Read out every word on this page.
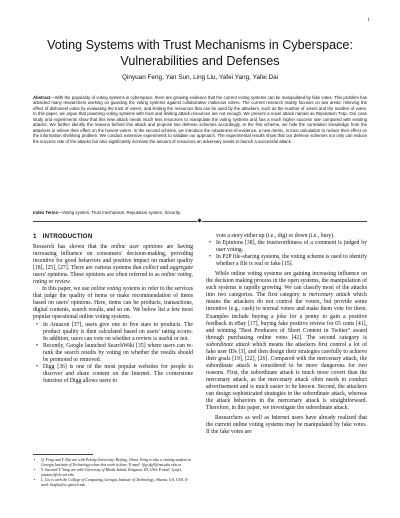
1
Voting Systems with Trust Mechanisms in Cyberspace: Vulnerabilities and Defenses
Qinyuan Feng, Yan Sun, Ling Liu, Yafei Yang, Yafei Dai
Abstract—With the popularity of voting systems in cyberspace, there are growing evidence that the current voting systems can be manipulated by fake votes. This problem has attracted many researchers working on guarding the voting systems against collaborative malicious voters. The current research mainly focuses on two areas: relieving the effect of dishonest votes by evaluating the trust of voters, and limiting the resources that can be used by the attackers, such as the number of voters and the number of votes. In this paper, we argue that powering voting systems with trust and limiting attack resources are not enough. We present a novel attack named as Reputation Trap. Our case study and experiments show that this new attack needs much less resources to manipulate the voting systems and has a much higher success rate compared with existing attacks. We further identify the reasons behind this attack and propose two defense schemes accordingly. In the first scheme, we hide the correlation knowledge from the attackers to relieve their effect on the honest voters. In the second scheme, we introduce the robustness-of-evidence, a new metric, in trust calculation to reduce their effect on the information shrinking problem. We conduct extensive experiments to validate our approach. The experimental results show that our defense schemes not only can reduce the success rate of the attacks but also significantly increase the amount of resources an adversary needs to launch a successful attack.
Index Terms—Voting system, Trust mechanism, Reputation system, Security.
1 INTRODUCTION

Research has shown that the online user opinions are having increasing influence on consumers' decision-making, providing incentive for good behaviors and positive impact on market quality [18], [25], [27]. There are various systems that collect and aggregate users' opinions. These opinions are often referred to as online voting, rating or review.

In this paper, we use online voting systems to refer to the services that judge the quality of items or make recommendation of items based on users' opinions. Here, items can be products, transactions, digital contents, search results, and so on. We below list a few most popular operational online voting systems.

• In Amazon [37], users give one to five stars to products. The product quality is then calculated based on users' rating scores. In addition, users can vote on whether a review is useful or not.
• Recently, Google launched SearchWiki [35] where users can re-rank the search results by voting on whether the results should be promoted or removed.
• Digg [36] is one of the most popular websites for people to discover and share content on the Internet. The cornerstone function of Digg allows users to

vote a story either up (i.e., dig) or down (i.e., bury).

• In Epinions [38], the trustworthiness of a comment is judged by user voting.
• In P2P file-sharing systems, the voting scheme is used to identify whether a file is real or fake [15].

While online voting systems are gaining increasing influence on the decision making process in the open systems, the manipulation of such systems is rapidly growing. We can classify most of the attacks into two categories. The first category is mercenary attack which means the attackers do not control the voters, but provide some incentive (e.g., cash) to normal voters and make them vote for them. Examples include buying a joke for a penny to gain a positive feedback in eBay [17], buying fake positive review for 65 cents [41], and winning "Best Producers of Short Content in Twitter" award through purchasing online votes [42]. The second category is subordinate attack which means the attackers first control a lot of fake user IDs [3], and then design their strategies carefully to achieve their goals [19], [22], [26]. Compared with the mercenary attack, the subordinate attack is considered to be more dangerous for two reasons. First, the subordinate attack is much more covert than the mercenary attack, as the mercenary attack often needs to conduct advertisement and is much easier to be known. Second, the attackers can design sophisticated strategies in the subordinate attack, whereas the attack behaviors in the mercenary attack is straightforward. Therefore, in this paper, we investigate the subordinate attack.

Researchers as well as Internet users have already realized that the current online voting systems may be manipulated by fake votes. If the fake votes are

• Q. Feng and Y. Dai are with Peking University, Beijing, China. Feng is also a visiting student in Georgia Institute of Technology when this work is done. E-mail: {fqy,dyf}@net.pku.edu.cn
• Y. Sun and Y. Yang are with University of Rhode Island, Kingston, RI, USA. E-mail: {yafei, yansun}@ele.uri.edu
• L. Liu is with the College of Computing, Georgia Institute of Technology, Atlanta, GA, USA. E-mail: lingliu@cc.gatech.edu
